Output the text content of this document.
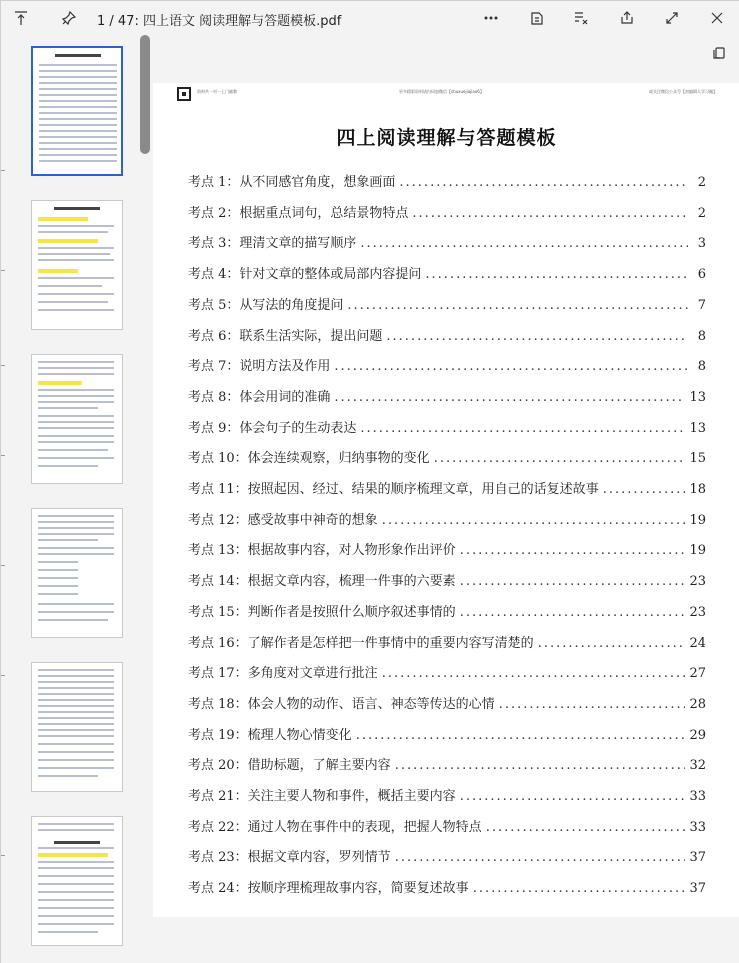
1 / 47: 四上语文 阅读理解与答题模板.pdf
资料共一对一上门辅教	更多精彩资料请扫码加微信【shuxuejiajiao6】	或关注微信公众号【初编辑人学习圈】
四上阅读理解与答题模板
考点 1：从不同感官角度，想象画面 .....	2
考点 2：根据重点词句，总结景物特点 .....	2
考点 3：理清文章的描写顺序 .....	3
考点 4：针对文章的整体或局部内容提问 .....	6
考点 5：从写法的角度提问 .....	7
考点 6：联系生活实际，提出问题 .....	8
考点 7：说明方法及作用 .....	8
考点 8：体会用词的准确 .....	13
考点 9：体会句子的生动表达 .....	13
考点 10：体会连续观察，归纳事物的变化 .....	15
考点 11：按照起因、经过、结果的顺序梳理文章，用自己的话复述故事 .....	18
考点 12：感受故事中神奇的想象 .....	19
考点 13：根据故事内容，对人物形象作出评价 .....	19
考点 14：根据文章内容，梳理一件事的六要素 .....	23
考点 15：判断作者是按照什么顺序叙述事情的 .....	23
考点 16：了解作者是怎样把一件事情中的重要内容写清楚的 .....	24
考点 17：多角度对文章进行批注 .....	27
考点 18：体会人物的动作、语言、神态等传达的心情 .....	28
考点 19：梳理人物心情变化 .....	29
考点 20：借助标题，了解主要内容 .....	32
考点 21：关注主要人物和事件，概括主要内容 .....	33
考点 22：通过人物在事件中的表现，把握人物特点 .....	33
考点 23：根据文章内容，罗列情节 .....	37
考点 24：按顺序理梳理故事内容，简要复述故事 .....	37
